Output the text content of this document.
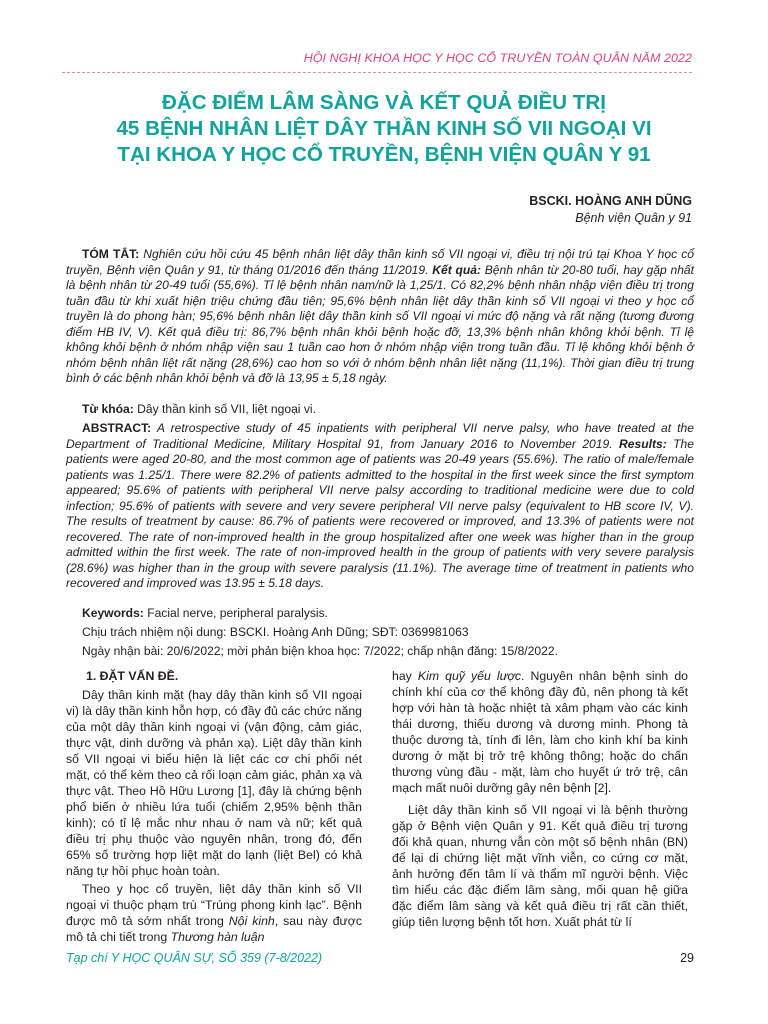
HỘI NGHỊ KHOA HỌC Y HỌC CỔ TRUYỀN TOÀN QUÂN NĂM 2022
ĐẶC ĐIỂM LÂM SÀNG VÀ KẾT QUẢ ĐIỀU TRỊ
45 BỆNH NHÂN LIỆT DÂY THẦN KINH SỐ VII NGOẠI VI
TẠI KHOA Y HỌC CỔ TRUYỀN, BỆNH VIỆN QUÂN Y 91
BSCKI. HOÀNG ANH DŨNG
Bệnh viện Quân y 91

TÓM TẮT: Nghiên cứu hồi cứu 45 bệnh nhân liệt dây thần kinh số VII ngoại vi, điều trị nội trú tại Khoa Y học cổ truyền, Bệnh viện Quân y 91, từ tháng 01/2016 đến tháng 11/2019. Kết quả: Bệnh nhân từ 20-80 tuổi, hay gặp nhất là bệnh nhân từ 20-49 tuổi (55,6%). Tỉ lệ bệnh nhân nam/nữ là 1,25/1. Có 82,2% bệnh nhân nhập viện điều trị trong tuần đầu từ khi xuất hiện triệu chứng đầu tiên; 95,6% bệnh nhân liệt dây thần kinh số VII ngoại vi theo y học cổ truyền là do phong hàn; 95,6% bệnh nhân liệt dây thần kinh số VII ngoại vi mức độ nặng và rất nặng (tương đương điểm HB IV, V). Kết quả điều trị: 86,7% bệnh nhân khỏi bệnh hoặc đỡ, 13,3% bệnh nhân không khỏi bệnh. Tỉ lệ không khỏi bệnh ở nhóm nhập viện sau 1 tuần cao hơn ở nhóm nhập viện trong tuần đầu. Tỉ lệ không khỏi bệnh ở nhóm bệnh nhân liệt rất nặng (28,6%) cao hơn so với ở nhóm bệnh nhân liệt nặng (11,1%). Thời gian điều trị trung bình ở các bệnh nhân khỏi bệnh và đỡ là 13,95 ± 5,18 ngày.

Từ khóa: Dây thần kinh số VII, liệt ngoại vi.

ABSTRACT: A retrospective study of 45 inpatients with peripheral VII nerve palsy, who have treated at the Department of Traditional Medicine, Military Hospital 91, from January 2016 to November 2019. Results: The patients were aged 20-80, and the most common age of patients was 20-49 years (55.6%). The ratio of male/female patients was 1.25/1. There were 82.2% of patients admitted to the hospital in the first week since the first symptom appeared; 95.6% of patients with peripheral VII nerve palsy according to traditional medicine were due to cold infection; 95.6% of patients with severe and very severe peripheral VII nerve palsy (equivalent to HB score IV, V). The results of treatment by cause: 86.7% of patients were recovered or improved, and 13.3% of patients were not recovered. The rate of non-improved health in the group hospitalized after one week was higher than in the group admitted within the first week. The rate of non-improved health in the group of patients with very severe paralysis (28.6%) was higher than in the group with severe paralysis (11.1%). The average time of treatment in patients who recovered and improved was 13.95 ± 5.18 days.

Keywords: Facial nerve, peripheral paralysis.

Chịu trách nhiệm nội dung: BSCKI. Hoàng Anh Dũng; SĐT: 0369981063

Ngày nhận bài: 20/6/2022; mời phản biện khoa học: 7/2022; chấp nhận đăng: 15/8/2022.

1. ĐẶT VẤN ĐỀ.

Dây thần kinh mặt (hay dây thần kinh số VII ngoại vi) là dây thần kinh hỗn hợp, có đầy đủ các chức năng của một dây thần kinh ngoại vi (vận động, cảm giác, thực vật, dinh dưỡng và phản xạ). Liệt dây thần kinh số VII ngoại vi biểu hiện là liệt các cơ chi phối nét mặt, có thể kèm theo cả rối loạn cảm giác, phản xạ và thực vật. Theo Hồ Hữu Lương [1], đây là chứng bệnh phổ biến ở nhiều lứa tuổi (chiếm 2,95% bệnh thần kinh); có tỉ lệ mắc như nhau ở nam và nữ; kết quả điều trị phụ thuộc vào nguyên nhân, trong đó, đến 65% số trường hợp liệt mặt do lạnh (liệt Bel) có khả năng tự hồi phục hoàn toàn.

Theo y học cổ truyền, liệt dây thần kinh số VII ngoại vi thuộc phạm trù “Trúng phong kinh lạc”. Bệnh được mô tả sớm nhất trong Nội kinh, sau này được mô tả chi tiết trong Thương hàn luận

hay Kim quỹ yếu lược. Nguyên nhân bệnh sinh do chính khí của cơ thể không đầy đủ, nên phong tà kết hợp với hàn tà hoặc nhiệt tà xâm phạm vào các kinh thái dương, thiếu dương và dương minh. Phong tà thuộc dương tà, tính đi lên, làm cho kinh khí ba kinh dương ở mặt bị trở trệ không thông; hoặc do chấn thương vùng đầu - mặt, làm cho huyết ứ trở trệ, cân mạch mất nuôi dưỡng gây nên bệnh [2].

Liệt dây thần kinh số VII ngoại vi là bệnh thường gặp ở Bệnh viện Quân y 91. Kết quả điều trị tương đối khả quan, nhưng vẫn còn một số bệnh nhân (BN) để lại di chứng liệt mặt vĩnh viễn, co cứng cơ mặt, ảnh hưởng đến tâm lí và thẩm mĩ người bệnh. Việc tìm hiểu các đặc điểm lâm sàng, mối quan hệ giữa đặc điểm lâm sàng và kết quả điều trị rất cần thiết, giúp tiên lượng bệnh tốt hơn. Xuất phát từ lí

Tạp chí Y HỌC QUÂN SỰ, SỐ 359 (7-8/2022)	29
